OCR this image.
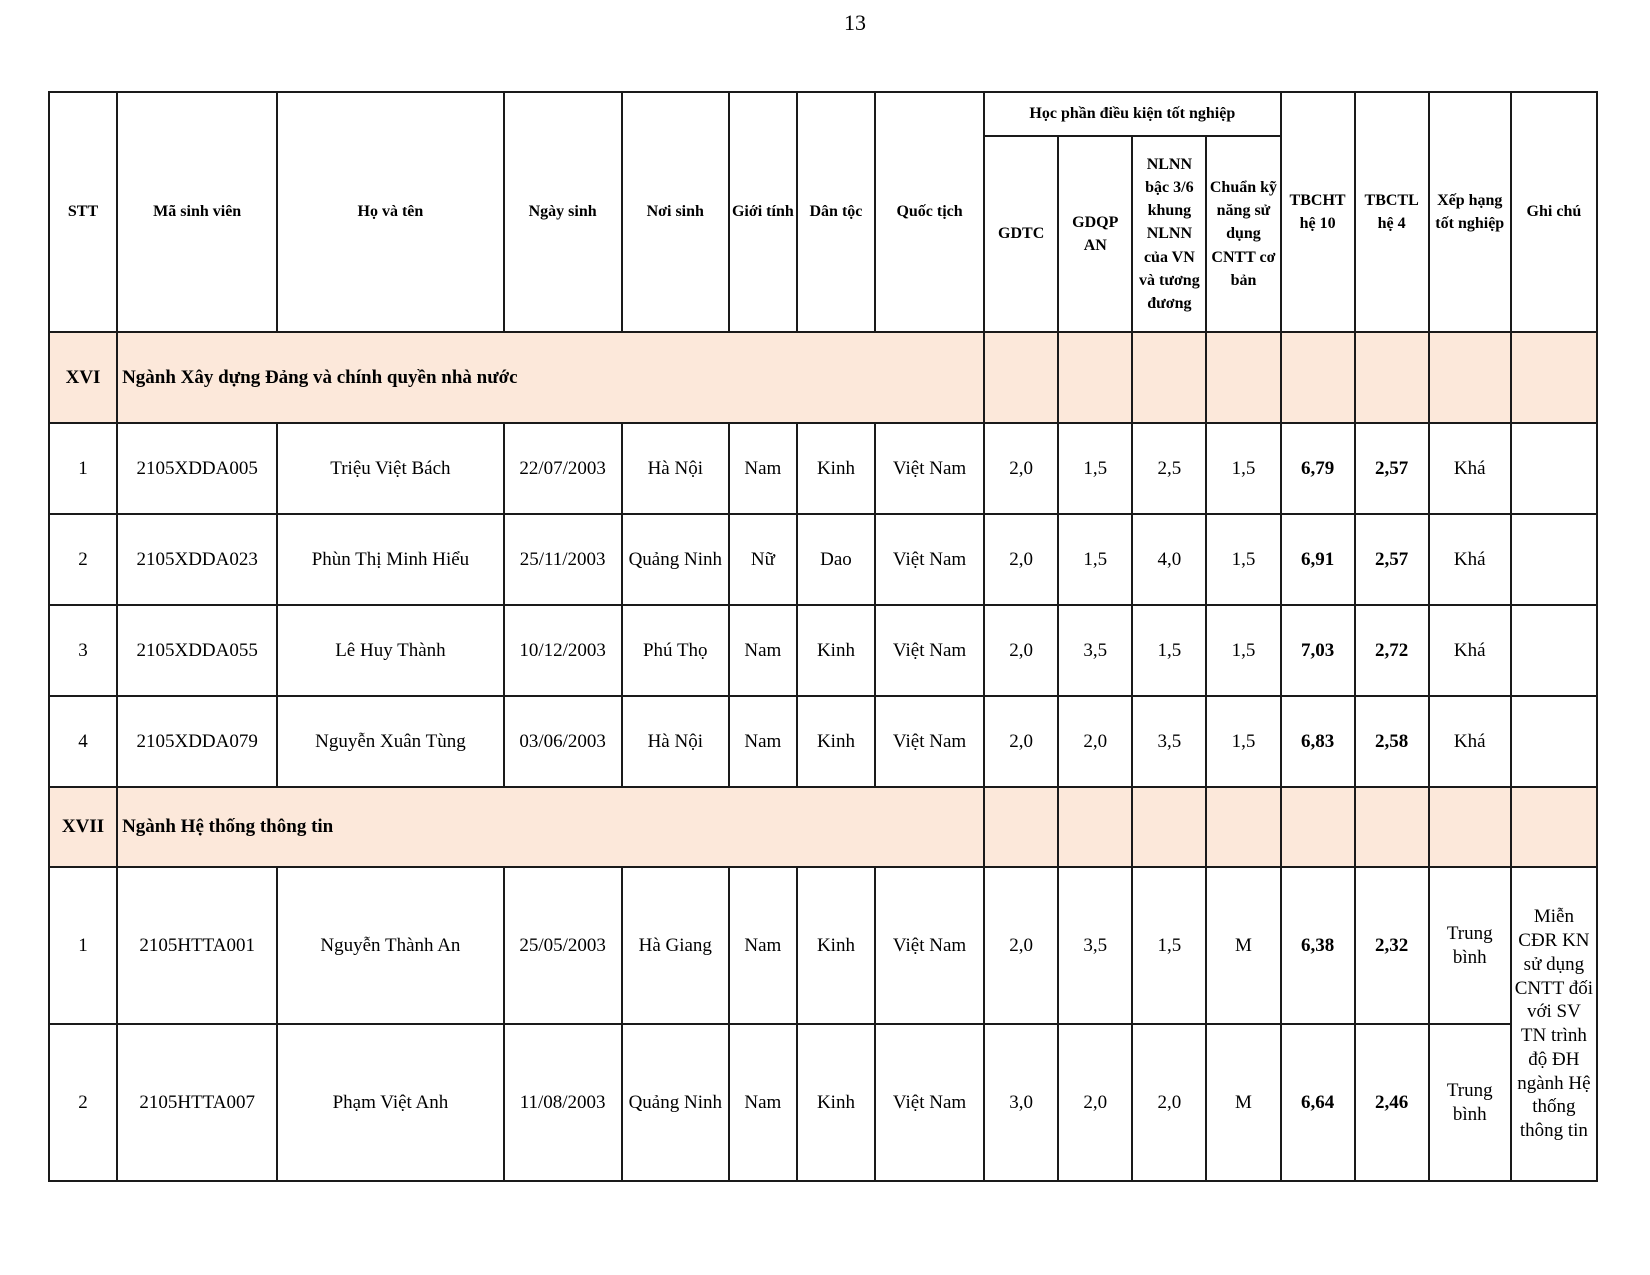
13
STT	Mã sinh viên	Họ và tên	Ngày sinh	Nơi sinh	Giới tính	Dân tộc	Quốc tịch	Học phần điều kiện tốt nghiệp				TBCHT hệ 10	TBCTL hệ 4	Xếp hạng tốt nghiệp	Ghi chú
								GDTC	GDQP AN	NLNN bậc 3/6 khung NLNN của VN và tương đương	Chuẩn kỹ năng sử dụng CNTT cơ bản				
XVI	Ngành Xây dựng Đảng và chính quyền nhà nước														
1	2105XDDA005	Triệu Việt Bách	22/07/2003	Hà Nội	Nam	Kinh	Việt Nam	2,0	1,5	2,5	1,5	6,79	2,57	Khá	
2	2105XDDA023	Phùn Thị Minh Hiểu	25/11/2003	Quảng Ninh	Nữ	Dao	Việt Nam	2,0	1,5	4,0	1,5	6,91	2,57	Khá	
3	2105XDDA055	Lê Huy Thành	10/12/2003	Phú Thọ	Nam	Kinh	Việt Nam	2,0	3,5	1,5	1,5	7,03	2,72	Khá	
4	2105XDDA079	Nguyễn Xuân Tùng	03/06/2003	Hà Nội	Nam	Kinh	Việt Nam	2,0	2,0	3,5	1,5	6,83	2,58	Khá	
XVII	Ngành Hệ thống thông tin														
1	2105HTTA001	Nguyễn Thành An	25/05/2003	Hà Giang	Nam	Kinh	Việt Nam	2,0	3,5	1,5	M	6,38	2,32	Trung bình	Miễn CĐR KN sử dụng CNTT đối với SV TN trình độ ĐH ngành Hệ thống thông tin
2	2105HTTA007	Phạm Việt Anh	11/08/2003	Quảng Ninh	Nam	Kinh	Việt Nam	3,0	2,0	2,0	M	6,64	2,46	Trung bình	
